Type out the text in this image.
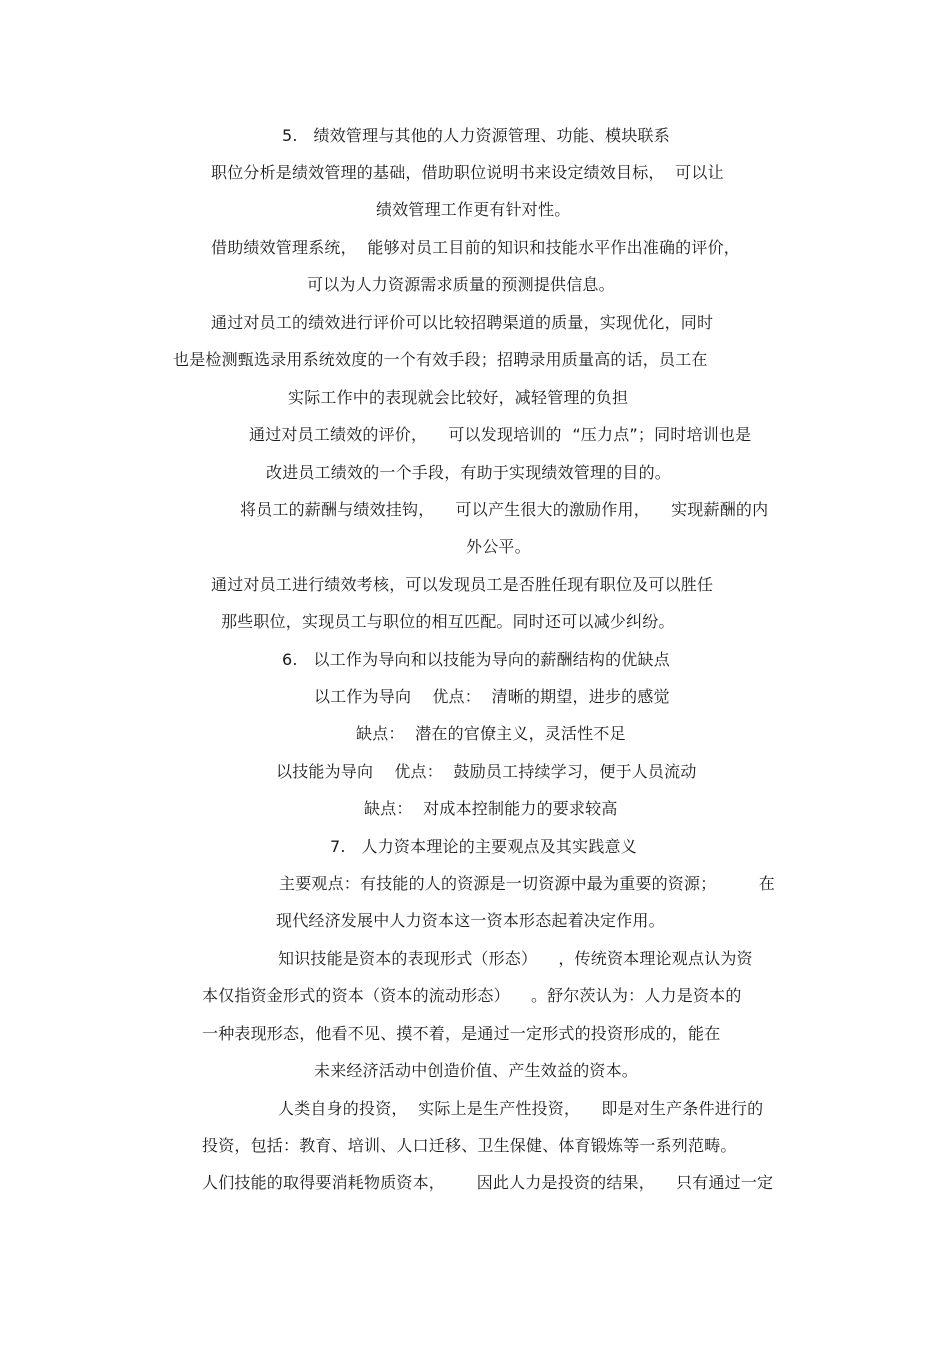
5.   绩效管理与其他的人力资源管理、功能、模块联系
职位分析是绩效管理的基础，借助职位说明书来设定绩效目标，  可以让
绩效管理工作更有针对性。
借助绩效管理系统，  能够对员工目前的知识和技能水平作出准确的评价，
可以为人力资源需求质量的预测提供信息。
通过对员工的绩效进行评价可以比较招聘渠道的质量，实现优化，同时
也是检测甄选录用系统效度的一个有效手段；招聘录用质量高的话，员工在
实际工作中的表现就会比较好，减轻管理的负担
通过对员工绩效的评价，    可以发现培训的  “压力点”；同时培训也是
改进员工绩效的一个手段，有助于实现绩效管理的目的。
将员工的薪酬与绩效挂钩，    可以产生很大的激励作用，    实现薪酬的内
外公平。
通过对员工进行绩效考核，可以发现员工是否胜任现有职位及可以胜任
那些职位，实现员工与职位的相互匹配。同时还可以减少纠纷。
6.   以工作为导向和以技能为导向的薪酬结构的优缺点
以工作为导向    优点：  清晰的期望，进步的感觉
缺点：  潜在的官僚主义，灵活性不足
以技能为导向    优点：  鼓励员工持续学习，便于人员流动
缺点：  对成本控制能力的要求较高
7.   人力资本理论的主要观点及其实践意义
主要观点：有技能的人的资源是一切资源中最为重要的资源；        在
现代经济发展中人力资本这一资本形态起着决定作用。
知识技能是资本的表现形式（形态）    ，传统资本理论观点认为资
本仅指资金形式的资本（资本的流动形态）    。舒尔茨认为：人力是资本的
一种表现形态，他看不见、摸不着，是通过一定形式的投资形成的，能在
未来经济活动中创造价值、产生效益的资本。
人类自身的投资，  实际上是生产性投资，    即是对生产条件进行的
投资，包括：教育、培训、人口迁移、卫生保健、体育锻炼等一系列范畴。
人们技能的取得要消耗物质资本，      因此人力是投资的结果，    只有通过一定
